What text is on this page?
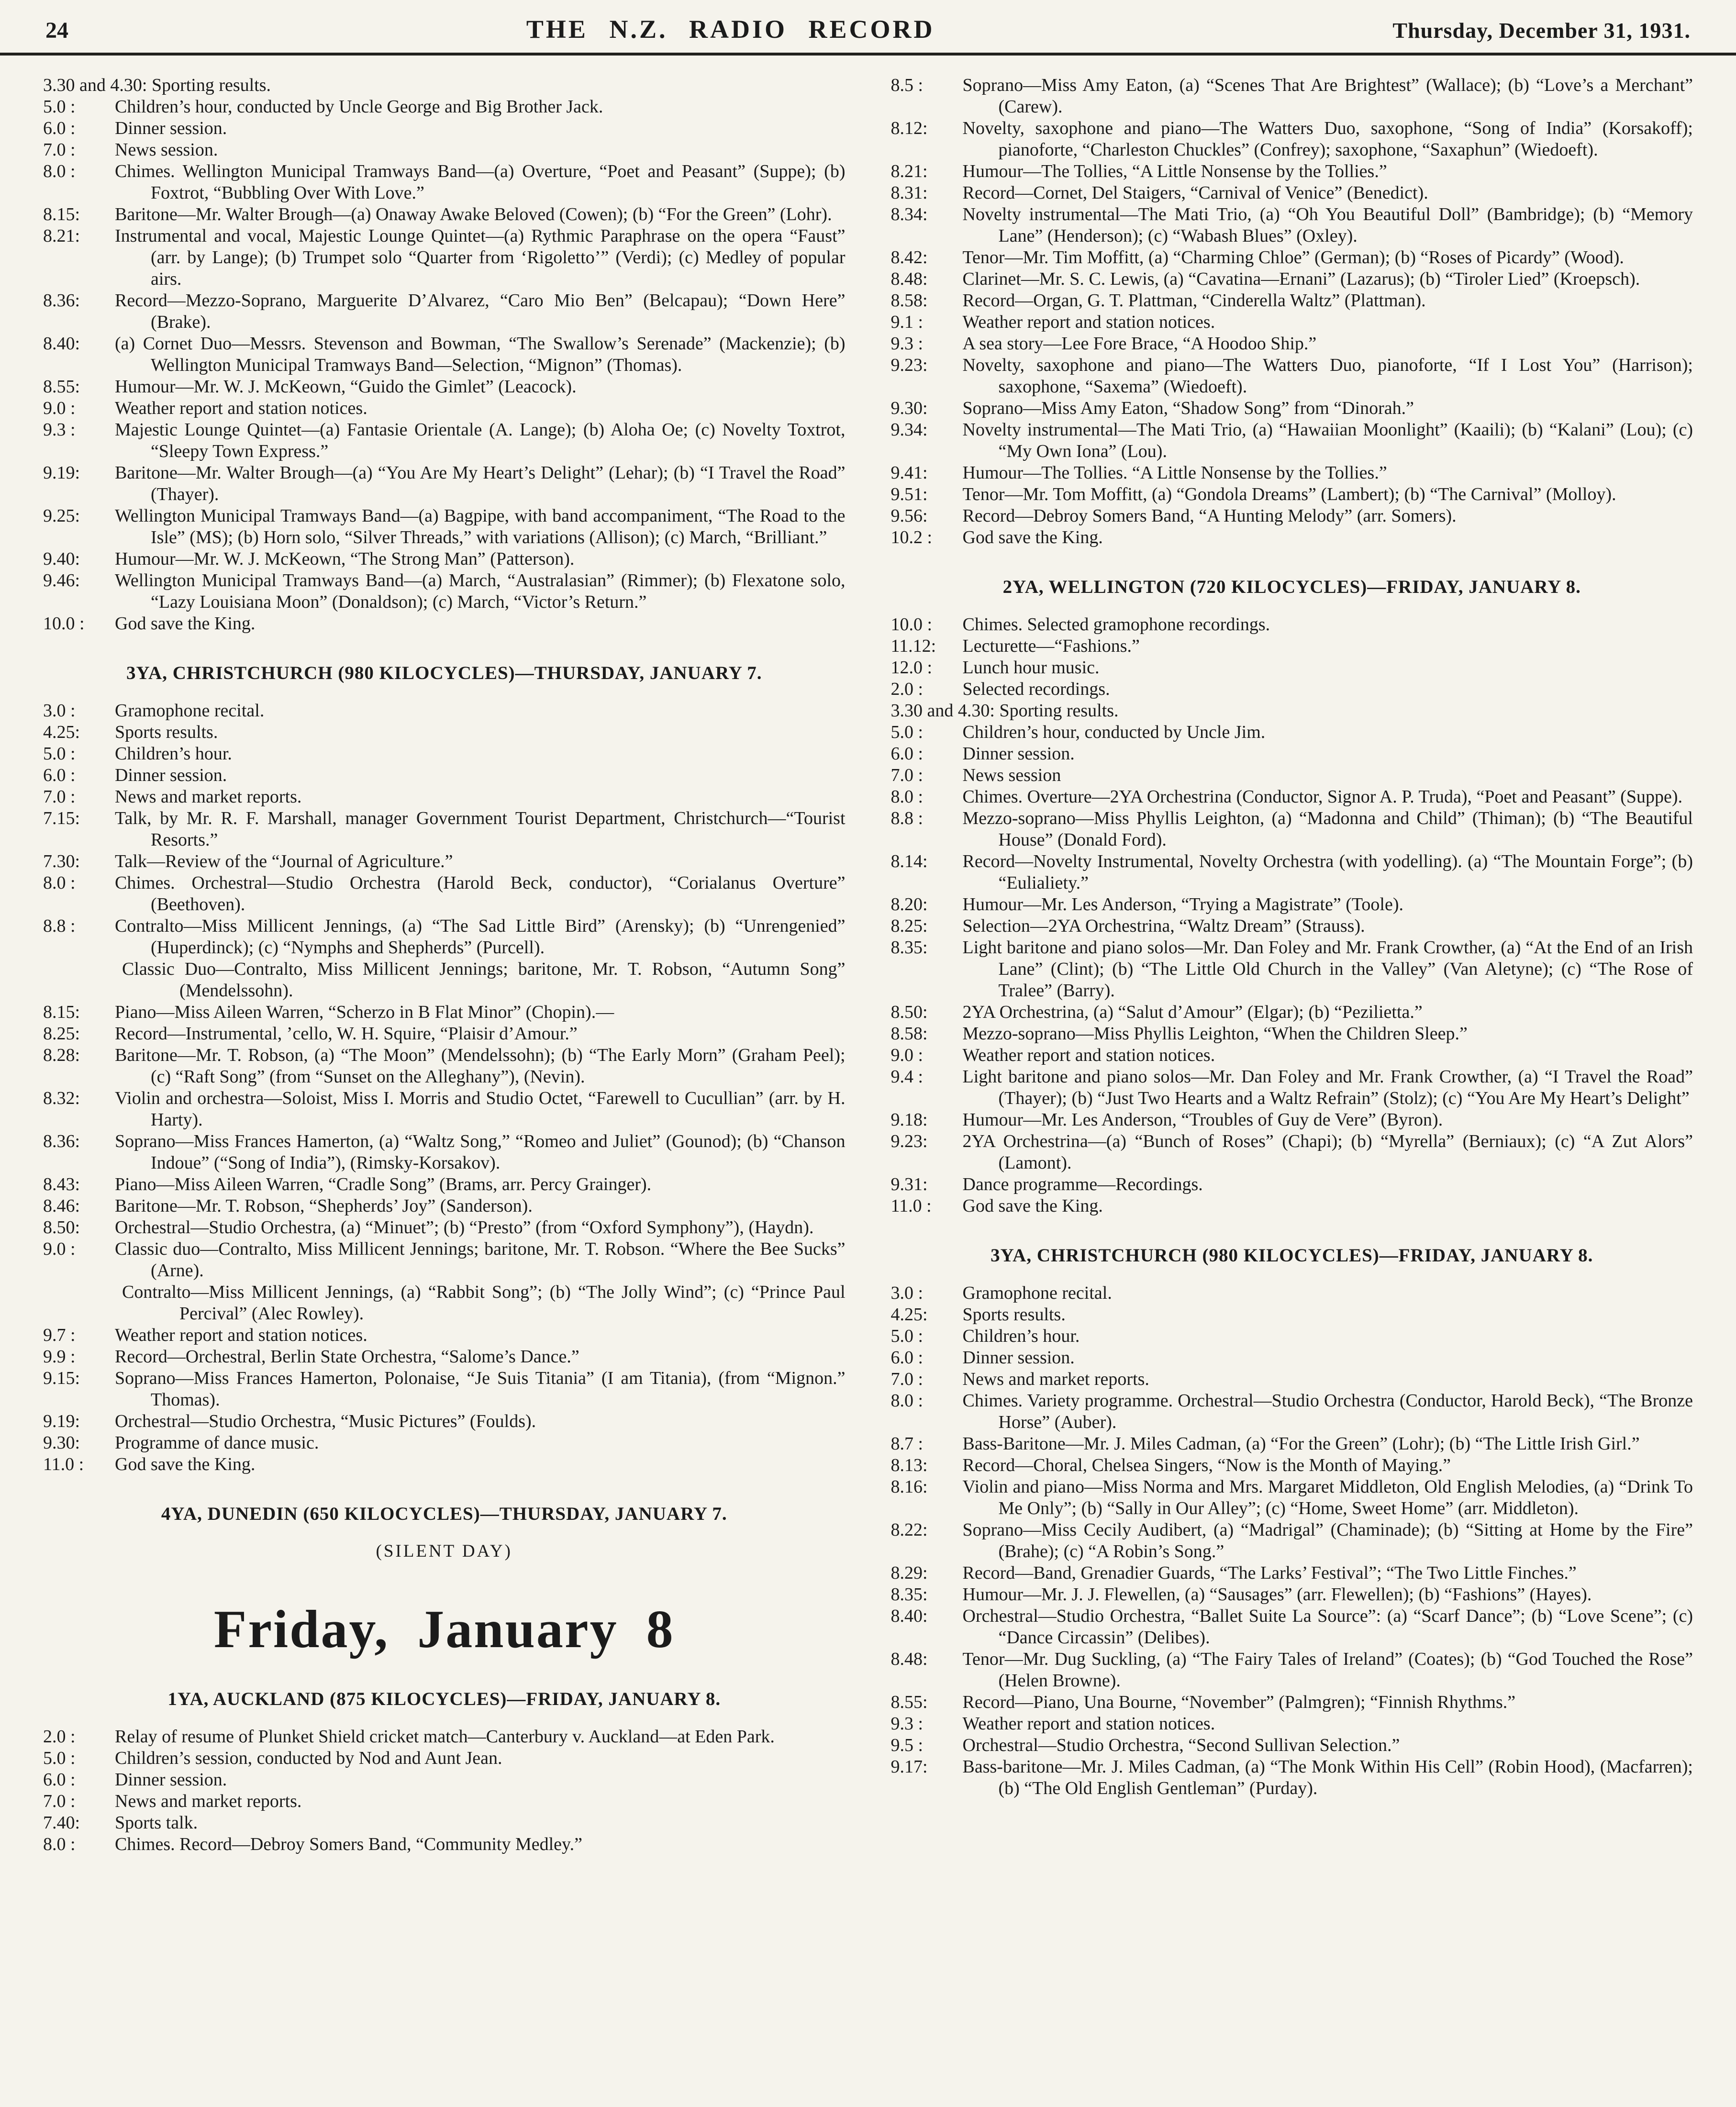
24	THE N.Z. RADIO RECORD	Thursday, December 31, 1931.
3.30 and 4.30: Sporting results.
5.0 : Children’s hour, conducted by Uncle George and Big Brother Jack.
6.0 : Dinner session.
7.0 : News session.
8.0 : Chimes. Wellington Municipal Tramways Band—(a) Overture, “Poet and Peasant” (Suppe); (b) Foxtrot, “Bubbling Over With Love.”
8.15: Baritone—Mr. Walter Brough—(a) Onaway Awake Beloved (Cowen); (b) “For the Green” (Lohr).
8.21: Instrumental and vocal, Majestic Lounge Quintet—(a) Rythmic Paraphrase on the opera “Faust” (arr. by Lange); (b) Trumpet solo “Quarter from ‘Rigoletto’” (Verdi); (c) Medley of popular airs.
8.36: Record—Mezzo-Soprano, Marguerite D’Alvarez, “Caro Mio Ben” (Belcapau); “Down Here” (Brake).
8.40: (a) Cornet Duo—Messrs. Stevenson and Bowman, “The Swallow’s Serenade” (Mackenzie); (b) Wellington Municipal Tramways Band—Selection, “Mignon” (Thomas).
8.55: Humour—Mr. W. J. McKeown, “Guido the Gimlet” (Leacock).
9.0 : Weather report and station notices.
9.3 : Majestic Lounge Quintet—(a) Fantasie Orientale (A. Lange); (b) Aloha Oe; (c) Novelty Toxtrot, “Sleepy Town Express.”
9.19: Baritone—Mr. Walter Brough—(a) “You Are My Heart’s Delight” (Lehar); (b) “I Travel the Road” (Thayer).
9.25: Wellington Municipal Tramways Band—(a) Bagpipe, with band accompaniment, “The Road to the Isle” (MS); (b) Horn solo, “Silver Threads,” with variations (Allison); (c) March, “Brilliant.”
9.40: Humour—Mr. W. J. McKeown, “The Strong Man” (Patterson).
9.46: Wellington Municipal Tramways Band—(a) March, “Australasian” (Rimmer); (b) Flexatone solo, “Lazy Louisiana Moon” (Donaldson); (c) March, “Victor’s Return.”
10.0 : God save the King.
3YA, CHRISTCHURCH (980 KILOCYCLES)—THURSDAY, JANUARY 7.
3.0 : Gramophone recital.
4.25: Sports results.
5.0 : Children’s hour.
6.0 : Dinner session.
7.0 : News and market reports.
7.15: Talk, by Mr. R. F. Marshall, manager Government Tourist Department, Christchurch—“Tourist Resorts.”
7.30: Talk—Review of the “Journal of Agriculture.”
8.0 : Chimes. Orchestral—Studio Orchestra (Harold Beck, conductor), “Corialanus Overture” (Beethoven).
8.8 : Contralto—Miss Millicent Jennings, (a) “The Sad Little Bird” (Arensky); (b) “Unrengenied” (Huperdinck); (c) “Nymphs and Shepherds” (Purcell).
Classic Duo—Contralto, Miss Millicent Jennings; baritone, Mr. T. Robson, “Autumn Song” (Mendelssohn).
8.15: Piano—Miss Aileen Warren, “Scherzo in B Flat Minor” (Chopin).—
8.25: Record—Instrumental, ’cello, W. H. Squire, “Plaisir d’Amour.”
8.28: Baritone—Mr. T. Robson, (a) “The Moon” (Mendelssohn); (b) “The Early Morn” (Graham Peel); (c) “Raft Song” (from “Sunset on the Alleghany”), (Nevin).
8.32: Violin and orchestra—Soloist, Miss I. Morris and Studio Octet, “Farewell to Cucullian” (arr. by H. Harty).
8.36: Soprano—Miss Frances Hamerton, (a) “Waltz Song,” “Romeo and Juliet” (Gounod); (b) “Chanson Indoue” (“Song of India”), (Rimsky-Korsakov).
8.43: Piano—Miss Aileen Warren, “Cradle Song” (Brams, arr. Percy Grainger).
8.46: Baritone—Mr. T. Robson, “Shepherds’ Joy” (Sanderson).
8.50: Orchestral—Studio Orchestra, (a) “Minuet”; (b) “Presto” (from “Oxford Symphony”), (Haydn).
9.0 : Classic duo—Contralto, Miss Millicent Jennings; baritone, Mr. T. Robson. “Where the Bee Sucks” (Arne).
Contralto—Miss Millicent Jennings, (a) “Rabbit Song”; (b) “The Jolly Wind”; (c) “Prince Paul Percival” (Alec Rowley).
9.7 : Weather report and station notices.
9.9 : Record—Orchestral, Berlin State Orchestra, “Salome’s Dance.”
9.15: Soprano—Miss Frances Hamerton, Polonaise, “Je Suis Titania” (I am Titania), (from “Mignon.” Thomas).
9.19: Orchestral—Studio Orchestra, “Music Pictures” (Foulds).
9.30: Programme of dance music.
11.0 : God save the King.
4YA, DUNEDIN (650 KILOCYCLES)—THURSDAY, JANUARY 7.
(SILENT DAY)
Friday, January 8
1YA, AUCKLAND (875 KILOCYCLES)—FRIDAY, JANUARY 8.
2.0 : Relay of resume of Plunket Shield cricket match—Canterbury v. Auckland—at Eden Park.
5.0 : Children’s session, conducted by Nod and Aunt Jean.
6.0 : Dinner session.
7.0 : News and market reports.
7.40: Sports talk.
8.0 : Chimes. Record—Debroy Somers Band, “Community Medley.”
8.5 : Soprano—Miss Amy Eaton, (a) “Scenes That Are Brightest” (Wallace); (b) “Love’s a Merchant” (Carew).
8.12: Novelty, saxophone and piano—The Watters Duo, saxophone, “Song of India” (Korsakoff); pianoforte, “Charleston Chuckles” (Confrey); saxophone, “Saxaphun” (Wiedoeft).
8.21: Humour—The Tollies, “A Little Nonsense by the Tollies.”
8.31: Record—Cornet, Del Staigers, “Carnival of Venice” (Benedict).
8.34: Novelty instrumental—The Mati Trio, (a) “Oh You Beautiful Doll” (Bambridge); (b) “Memory Lane” (Henderson); (c) “Wabash Blues” (Oxley).
8.42: Tenor—Mr. Tim Moffitt, (a) “Charming Chloe” (German); (b) “Roses of Picardy” (Wood).
8.48: Clarinet—Mr. S. C. Lewis, (a) “Cavatina—Ernani” (Lazarus); (b) “Tiroler Lied” (Kroepsch).
8.58: Record—Organ, G. T. Plattman, “Cinderella Waltz” (Plattman).
9.1 : Weather report and station notices.
9.3 : A sea story—Lee Fore Brace, “A Hoodoo Ship.”
9.23: Novelty, saxophone and piano—The Watters Duo, pianoforte, “If I Lost You” (Harrison); saxophone, “Saxema” (Wiedoeft).
9.30: Soprano—Miss Amy Eaton, “Shadow Song” from “Dinorah.”
9.34: Novelty instrumental—The Mati Trio, (a) “Hawaiian Moonlight” (Kaaili); (b) “Kalani” (Lou); (c) “My Own Iona” (Lou).
9.41: Humour—The Tollies. “A Little Nonsense by the Tollies.”
9.51: Tenor—Mr. Tom Moffitt, (a) “Gondola Dreams” (Lambert); (b) “The Carnival” (Molloy).
9.56: Record—Debroy Somers Band, “A Hunting Melody” (arr. Somers).
10.2 : God save the King.
2YA, WELLINGTON (720 KILOCYCLES)—FRIDAY, JANUARY 8.
10.0 : Chimes. Selected gramophone recordings.
11.12: Lecturette—“Fashions.”
12.0 : Lunch hour music.
2.0 : Selected recordings.
3.30 and 4.30: Sporting results.
5.0 : Children’s hour, conducted by Uncle Jim.
6.0 : Dinner session.
7.0 : News session
8.0 : Chimes. Overture—2YA Orchestrina (Conductor, Signor A. P. Truda), “Poet and Peasant” (Suppe).
8.8 : Mezzo-soprano—Miss Phyllis Leighton, (a) “Madonna and Child” (Thiman); (b) “The Beautiful House” (Donald Ford).
8.14: Record—Novelty Instrumental, Novelty Orchestra (with yodelling). (a) “The Mountain Forge”; (b) “Eulialiety.”
8.20: Humour—Mr. Les Anderson, “Trying a Magistrate” (Toole).
8.25: Selection—2YA Orchestrina, “Waltz Dream” (Strauss).
8.35: Light baritone and piano solos—Mr. Dan Foley and Mr. Frank Crowther, (a) “At the End of an Irish Lane” (Clint); (b) “The Little Old Church in the Valley” (Van Aletyne); (c) “The Rose of Tralee” (Barry).
8.50: 2YA Orchestrina, (a) “Salut d’Amour” (Elgar); (b) “Pezilietta.”
8.58: Mezzo-soprano—Miss Phyllis Leighton, “When the Children Sleep.”
9.0 : Weather report and station notices.
9.4 : Light baritone and piano solos—Mr. Dan Foley and Mr. Frank Crowther, (a) “I Travel the Road” (Thayer); (b) “Just Two Hearts and a Waltz Refrain” (Stolz); (c) “You Are My Heart’s Delight”
9.18: Humour—Mr. Les Anderson, “Troubles of Guy de Vere” (Byron).
9.23: 2YA Orchestrina—(a) “Bunch of Roses” (Chapi); (b) “Myrella” (Berniaux); (c) “A Zut Alors” (Lamont).
9.31: Dance programme—Recordings.
11.0 : God save the King.
3YA, CHRISTCHURCH (980 KILOCYCLES)—FRIDAY, JANUARY 8.
3.0 : Gramophone recital.
4.25: Sports results.
5.0 : Children’s hour.
6.0 : Dinner session.
7.0 : News and market reports.
8.0 : Chimes. Variety programme. Orchestral—Studio Orchestra (Conductor, Harold Beck), “The Bronze Horse” (Auber).
8.7 : Bass-Baritone—Mr. J. Miles Cadman, (a) “For the Green” (Lohr); (b) “The Little Irish Girl.”
8.13: Record—Choral, Chelsea Singers, “Now is the Month of Maying.”
8.16: Violin and piano—Miss Norma and Mrs. Margaret Middleton, Old English Melodies, (a) “Drink To Me Only”; (b) “Sally in Our Alley”; (c) “Home, Sweet Home” (arr. Middleton).
8.22: Soprano—Miss Cecily Audibert, (a) “Madrigal” (Chaminade); (b) “Sitting at Home by the Fire” (Brahe); (c) “A Robin’s Song.”
8.29: Record—Band, Grenadier Guards, “The Larks’ Festival”; “The Two Little Finches.”
8.35: Humour—Mr. J. J. Flewellen, (a) “Sausages” (arr. Flewellen); (b) “Fashions” (Hayes).
8.40: Orchestral—Studio Orchestra, “Ballet Suite La Source”: (a) “Scarf Dance”; (b) “Love Scene”; (c) “Dance Circassin” (Delibes).
8.48: Tenor—Mr. Dug Suckling, (a) “The Fairy Tales of Ireland” (Coates); (b) “God Touched the Rose” (Helen Browne).
8.55: Record—Piano, Una Bourne, “November” (Palmgren); “Finnish Rhythms.”
9.3 : Weather report and station notices.
9.5 : Orchestral—Studio Orchestra, “Second Sullivan Selection.”
9.17: Bass-baritone—Mr. J. Miles Cadman, (a) “The Monk Within His Cell” (Robin Hood), (Macfarren); (b) “The Old English Gentleman” (Purday).
